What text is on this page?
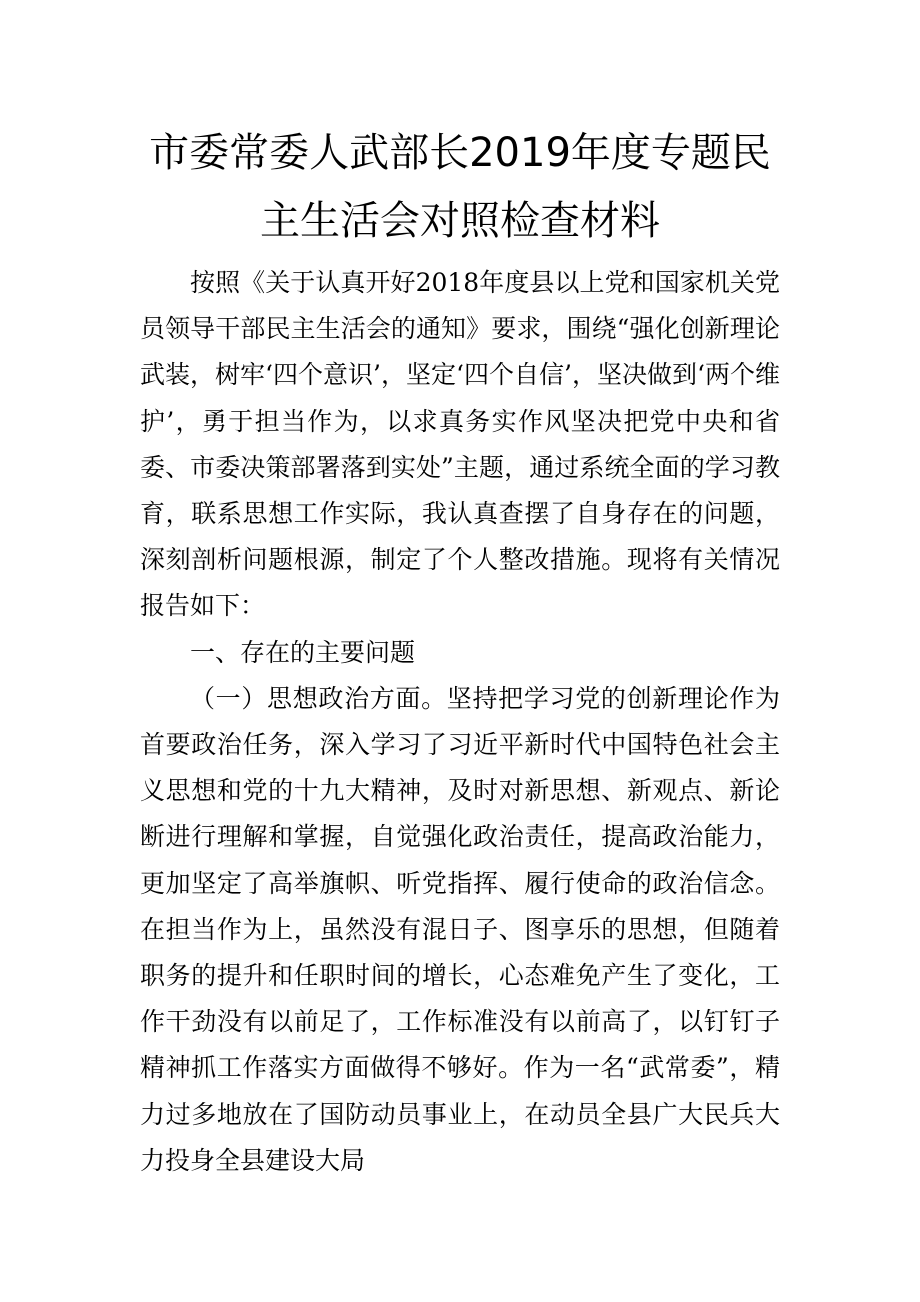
市委常委人武部长2019年度专题民
主生活会对照检查材料

按照《关于认真开好2018年度县以上党和国家机关党员领导干部民主生活会的通知》要求，围绕“强化创新理论武装，树牢‘四个意识’，坚定‘四个自信’，坚决做到‘两个维护’，勇于担当作为，以求真务实作风坚决把党中央和省委、市委决策部署落到实处”主题，通过系统全面的学习教育，联系思想工作实际，我认真查摆了自身存在的问题，深刻剖析问题根源，制定了个人整改措施。现将有关情况报告如下：

一、存在的主要问题

（一）思想政治方面。坚持把学习党的创新理论作为首要政治任务，深入学习了习近平新时代中国特色社会主义思想和党的十九大精神，及时对新思想、新观点、新论断进行理解和掌握，自觉强化政治责任，提高政治能力，更加坚定了高举旗帜、听党指挥、履行使命的政治信念。在担当作为上，虽然没有混日子、图享乐的思想，但随着职务的提升和任职时间的增长，心态难免产生了变化，工作干劲没有以前足了，工作标准没有以前高了，以钉钉子精神抓工作落实方面做得不够好。作为一名“武常委”，精力过多地放在了国防动员事业上，在动员全县广大民兵大力投身全县建设大局
